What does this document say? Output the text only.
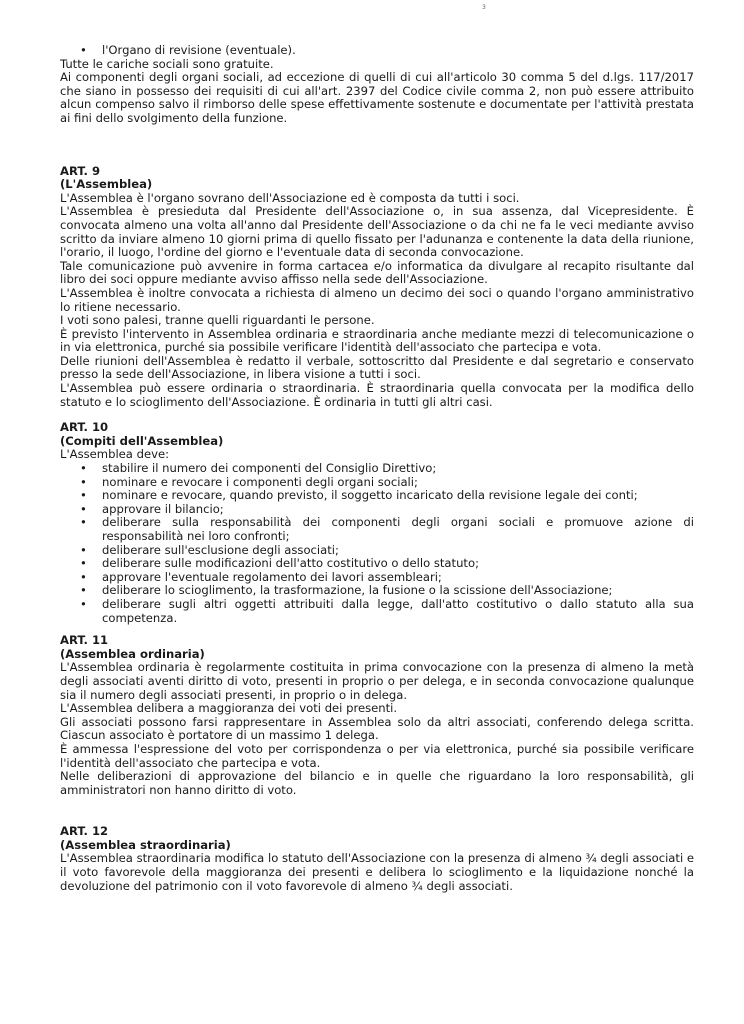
3
• l'Organo di revisione (eventuale).

Tutte le cariche sociali sono gratuite.

Ai componenti degli organi sociali, ad eccezione di quelli di cui all'articolo 30 comma 5 del d.lgs. 117/2017 che siano in possesso dei requisiti di cui all'art. 2397 del Codice civile comma 2, non può essere attribuito alcun compenso salvo il rimborso delle spese effettivamente sostenute e documentate per l'attività prestata ai fini dello svolgimento della funzione.

ART. 9
(L'Assemblea)

L'Assemblea è l'organo sovrano dell'Associazione ed è composta da tutti i soci.

L'Assemblea è presieduta dal Presidente dell'Associazione o, in sua assenza, dal Vicepresidente. È convocata almeno una volta all'anno dal Presidente dell'Associazione o da chi ne fa le veci mediante avviso scritto da inviare almeno 10 giorni prima di quello fissato per l'adunanza e contenente la data della riunione, l'orario, il luogo, l'ordine del giorno e l'eventuale data di seconda convocazione.

Tale comunicazione può avvenire in forma cartacea e/o informatica da divulgare al recapito risultante dal libro dei soci oppure mediante avviso affisso nella sede dell'Associazione.

L'Assemblea è inoltre convocata a richiesta di almeno un decimo dei soci o quando l'organo amministrativo lo ritiene necessario.

I voti sono palesi, tranne quelli riguardanti le persone.

È previsto l'intervento in Assemblea ordinaria e straordinaria anche mediante mezzi di telecomunicazione o in via elettronica, purché sia possibile verificare l'identità dell'associato che partecipa e vota.

Delle riunioni dell'Assemblea è redatto il verbale, sottoscritto dal Presidente e dal segretario e conservato presso la sede dell'Associazione, in libera visione a tutti i soci.

L'Assemblea può essere ordinaria o straordinaria. È straordinaria quella convocata per la modifica dello statuto e lo scioglimento dell'Associazione. È ordinaria in tutti gli altri casi.

ART. 10
(Compiti dell'Assemblea)

L'Assemblea deve:

• stabilire il numero dei componenti del Consiglio Direttivo;
• nominare e revocare i componenti degli organi sociali;
• nominare e revocare, quando previsto, il soggetto incaricato della revisione legale dei conti;
• approvare il bilancio;
• deliberare sulla responsabilità dei componenti degli organi sociali e promuove azione di responsabilità nei loro confronti;
• deliberare sull'esclusione degli associati;
• deliberare sulle modificazioni dell'atto costitutivo o dello statuto;
• approvare l'eventuale regolamento dei lavori assembleari;
• deliberare lo scioglimento, la trasformazione, la fusione o la scissione dell'Associazione;
• deliberare sugli altri oggetti attribuiti dalla legge, dall'atto costitutivo o dallo statuto alla sua competenza.
ART. 11
(Assemblea ordinaria)

L'Assemblea ordinaria è regolarmente costituita in prima convocazione con la presenza di almeno la metà degli associati aventi diritto di voto, presenti in proprio o per delega, e in seconda convocazione qualunque sia il numero degli associati presenti, in proprio o in delega.

L'Assemblea delibera a maggioranza dei voti dei presenti.

Gli associati possono farsi rappresentare in Assemblea solo da altri associati, conferendo delega scritta. Ciascun associato è portatore di un massimo 1 delega.

È ammessa l'espressione del voto per corrispondenza o per via elettronica, purché sia possibile verificare l'identità dell'associato che partecipa e vota.

Nelle deliberazioni di approvazione del bilancio e in quelle che riguardano la loro responsabilità, gli amministratori non hanno diritto di voto.

ART. 12
(Assemblea straordinaria)

L'Assemblea straordinaria modifica lo statuto dell'Associazione con la presenza di almeno ¾ degli associati e il voto favorevole della maggioranza dei presenti e delibera lo scioglimento e la liquidazione nonché la devoluzione del patrimonio con il voto favorevole di almeno ¾ degli associati.
